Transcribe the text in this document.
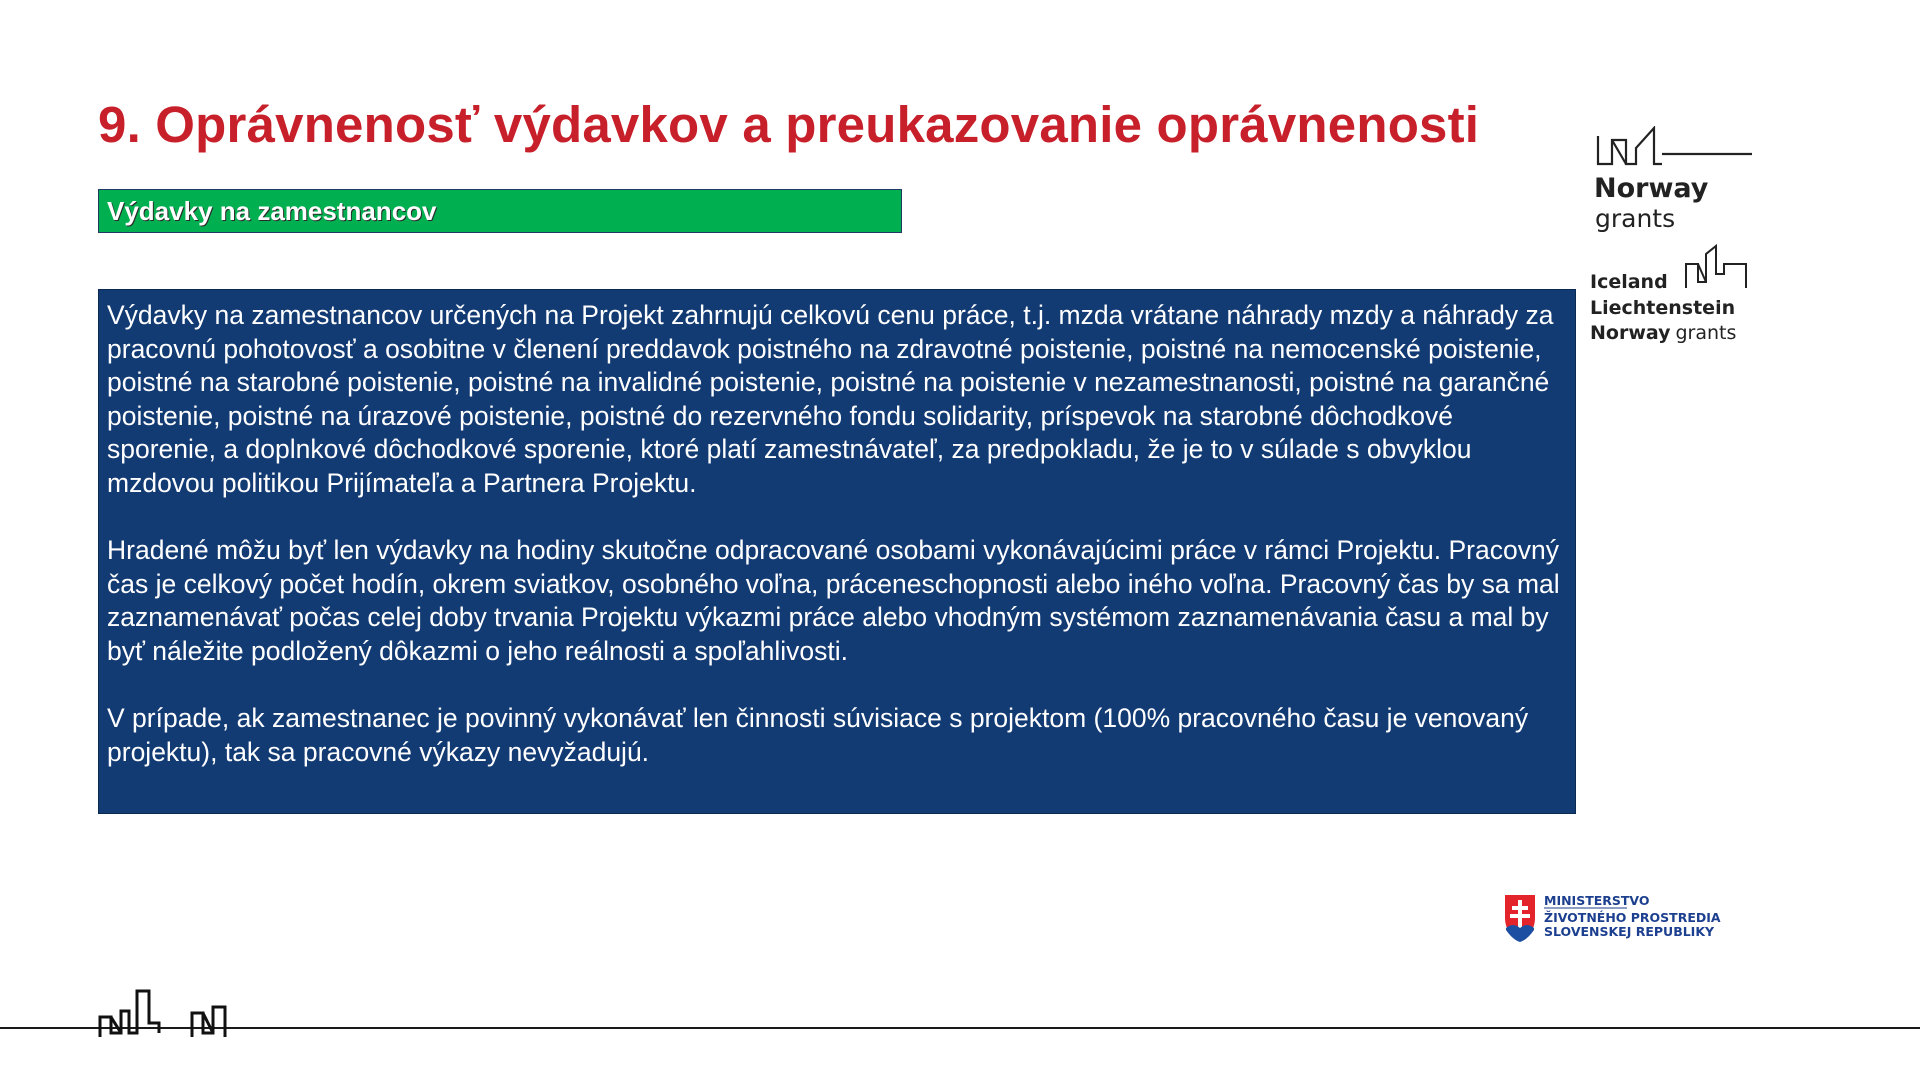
9. Oprávnenosť výdavkov a preukazovanie oprávnenosti
Výdavky na zamestnancov

Výdavky na zamestnancov určených na Projekt zahrnujú celkovú cenu práce, t.j. mzda vrátane náhrady mzdy a náhrady za pracovnú pohotovosť a osobitne v členení preddavok poistného na zdravotné poistenie, poistné na nemocenské poistenie, poistné na starobné poistenie, poistné na invalidné poistenie, poistné na poistenie v nezamestnanosti, poistné na garančné poistenie, poistné na úrazové poistenie, poistné do rezervného fondu solidarity, príspevok na starobné dôchodkové sporenie, a doplnkové dôchodkové sporenie, ktoré platí zamestnávateľ, za predpokladu, že je to v súlade s obvyklou mzdovou politikou Prijímateľa a Partnera Projektu.

Hradené môžu byť len výdavky na hodiny skutočne odpracované osobami vykonávajúcimi práce v rámci Projektu. Pracovný čas je celkový počet hodín, okrem sviatkov, osobného voľna, práceneschopnosti alebo iného voľna. Pracovný čas by sa mal zaznamenávať počas celej doby trvania Projektu výkazmi práce alebo vhodným systémom zaznamenávania času a mal by byť náležite podložený dôkazmi o jeho reálnosti a spoľahlivosti.

V prípade, ak zamestnanec je povinný vykonávať len činnosti súvisiace s projektom (100% pracovného času je venovaný projektu), tak sa pracovné výkazy nevyžadujú.

Norway
grants
Iceland
Liechtenstein
Norway grants
MINISTERSTVO
ŽIVOTNÉHO PROSTREDIA
SLOVENSKEJ REPUBLIKY
